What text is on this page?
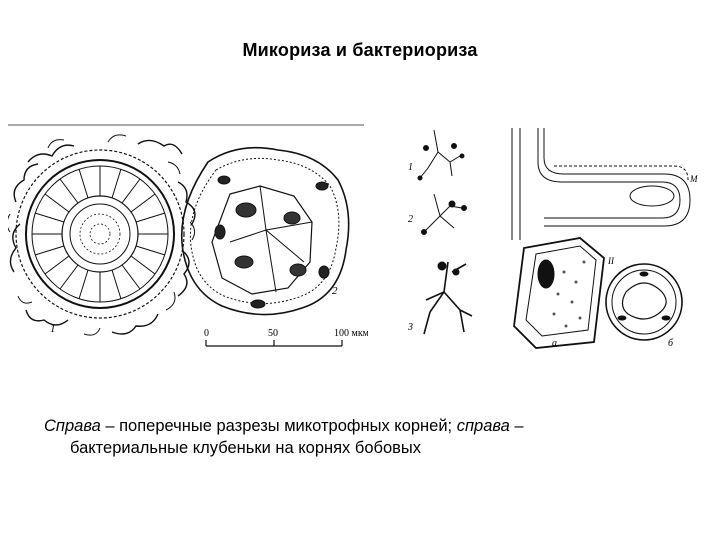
Микориза и бактериориза
1
2
0	50	100 мкм
1
2
3
а	б
II
М
Справа – поперечные разрезы микотрофных корней; справа –
бактериальные клубеньки на корнях бобовых
